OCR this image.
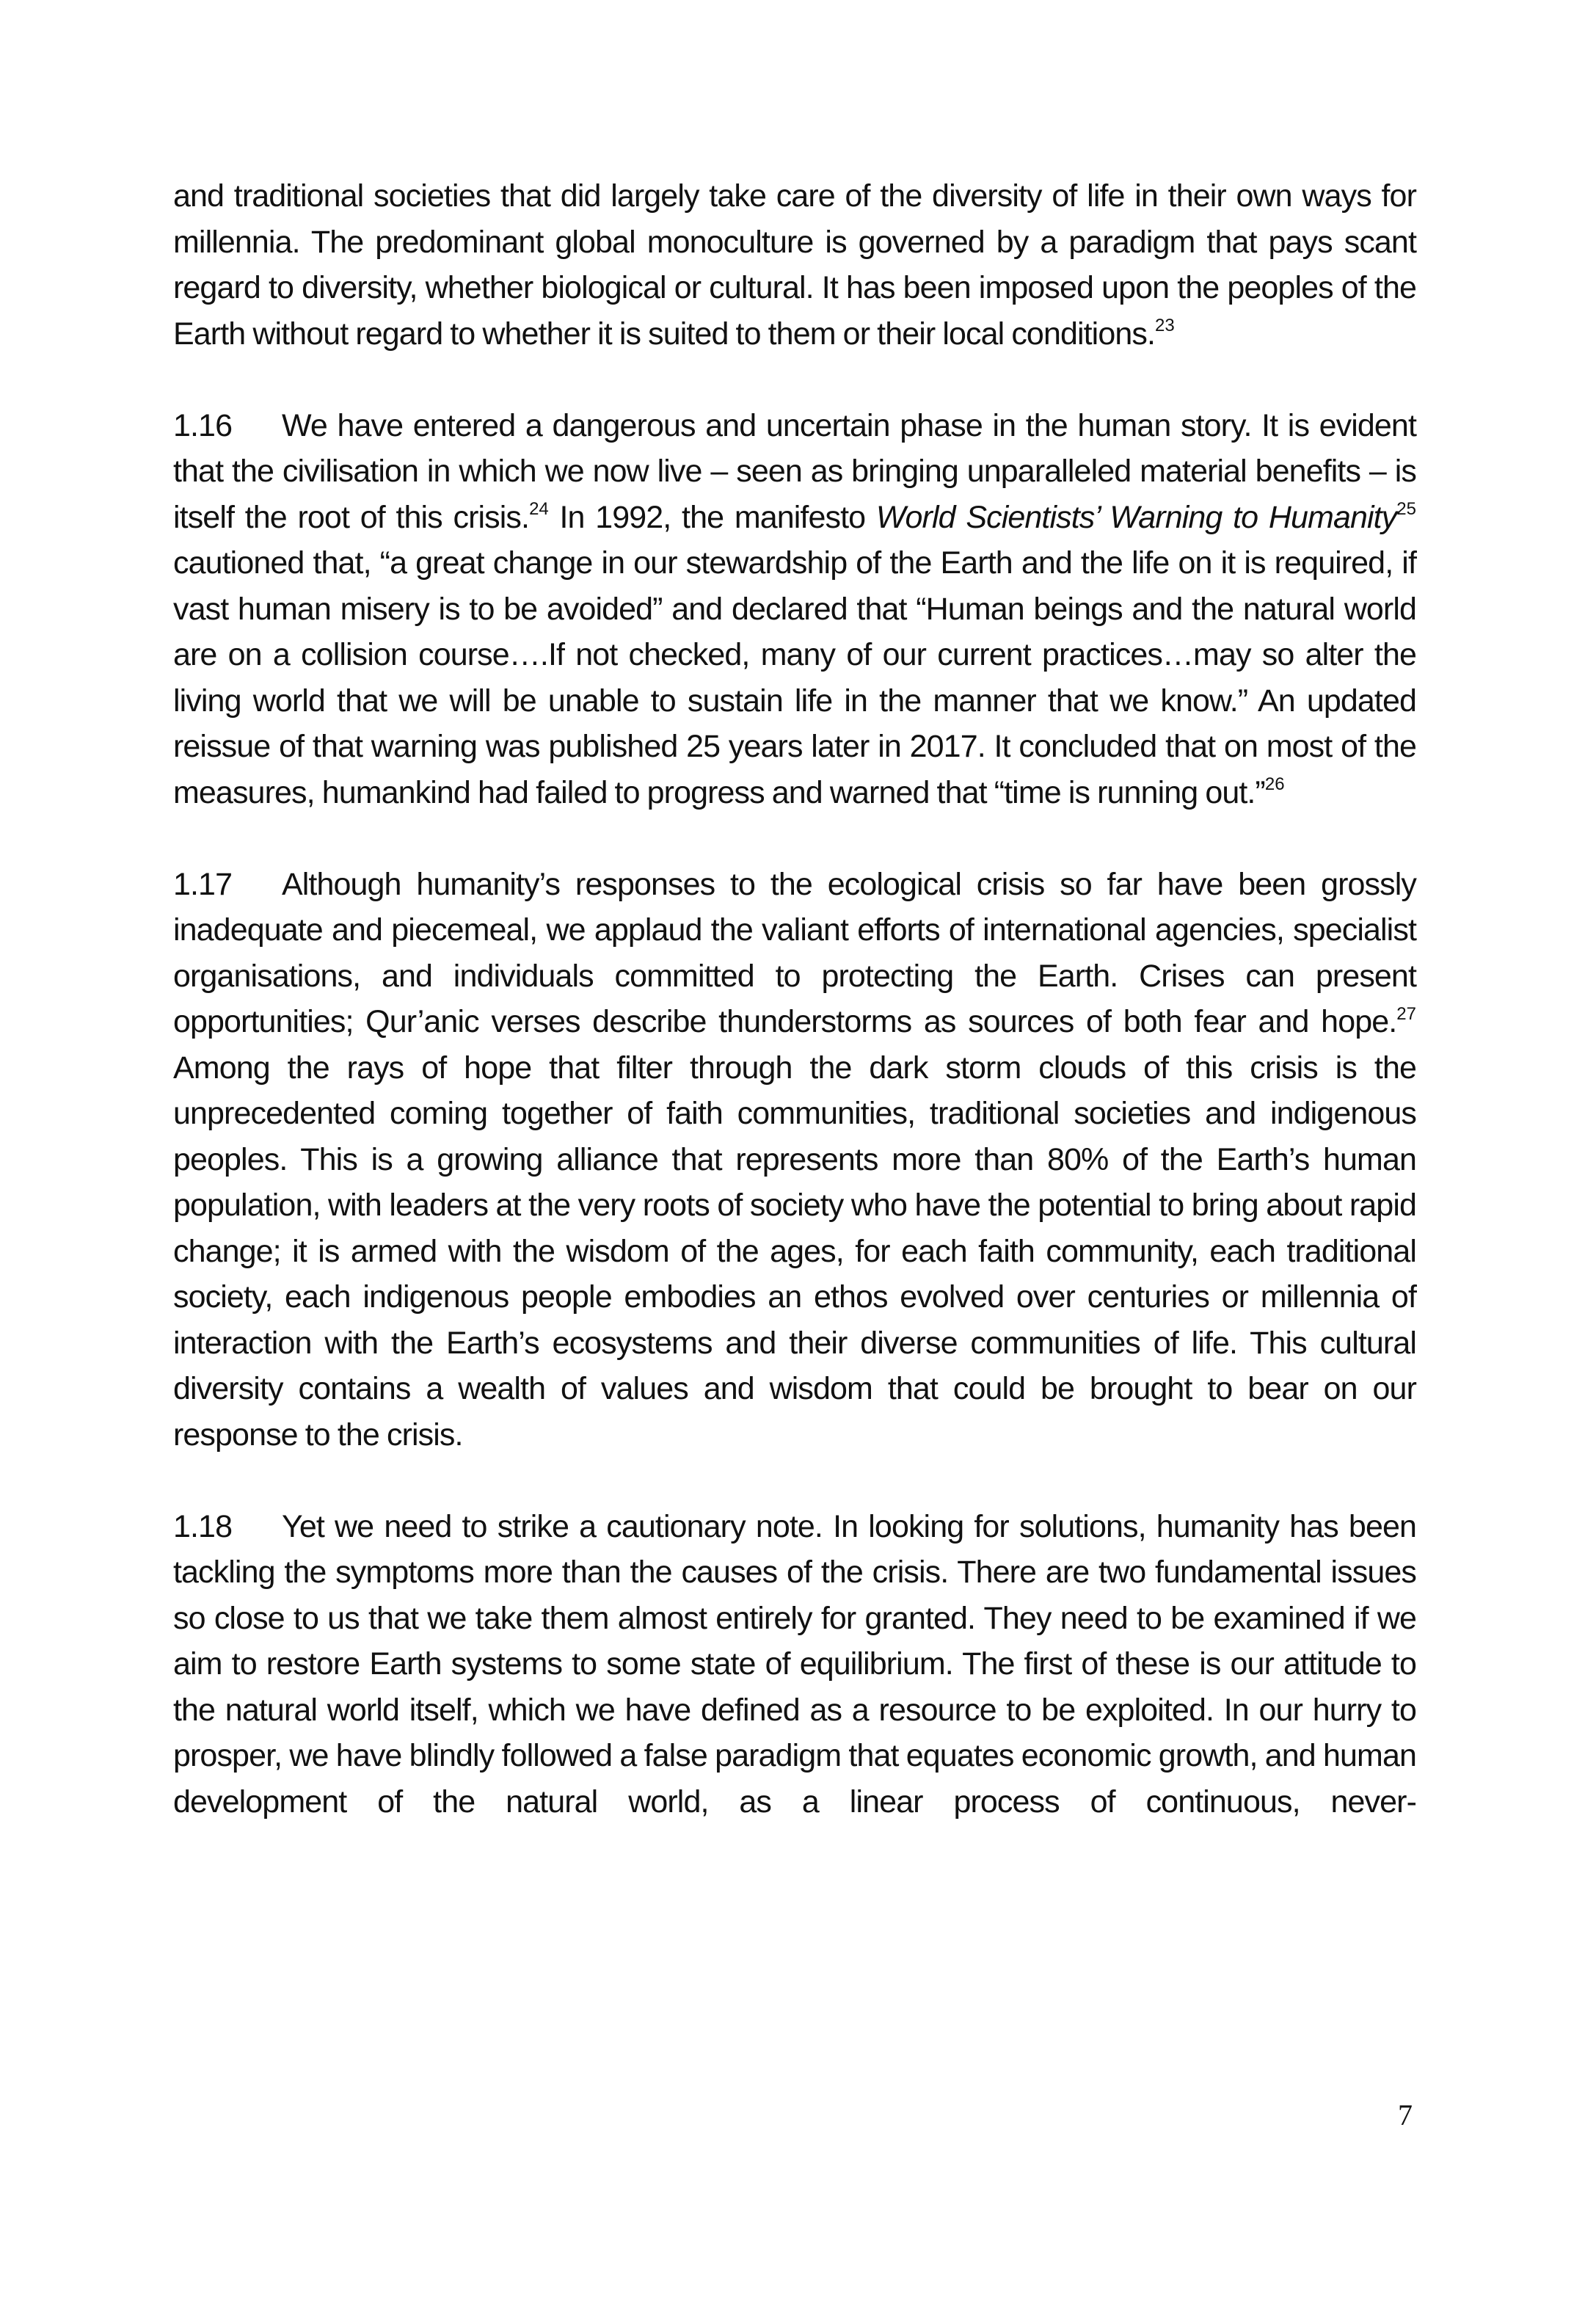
and traditional societies that did largely take care of the diversity of life in their own ways for millennia. The predominant global monoculture is governed by a paradigm that pays scant regard to diversity, whether biological or cultural. It has been imposed upon the peoples of the Earth without regard to whether it is suited to them or their local conditions.$^{23}$

1.16 We have entered a dangerous and uncertain phase in the human story. It is evident that the civilisation in which we now live – seen as bringing unparalleled material benefits – is itself the root of this crisis.$^{24}$ In 1992, the manifesto World Scientists’ Warning to Humanity$^{25}$ cautioned that, “a great change in our stewardship of the Earth and the life on it is required, if vast human misery is to be avoided” and declared that “Human beings and the natural world are on a collision course….If not checked, many of our current practices…may so alter the living world that we will be unable to sustain life in the manner that we know.” An updated reissue of that warning was published 25 years later in 2017. It concluded that on most of the measures, humankind had failed to progress and warned that “time is running out.”$^{26}$

1.17 Although humanity’s responses to the ecological crisis so far have been grossly inadequate and piecemeal, we applaud the valiant efforts of international agencies, specialist organisations, and individuals committed to protecting the Earth. Crises can present opportunities; Qur’anic verses describe thunderstorms as sources of both fear and hope.$^{27}$ Among the rays of hope that filter through the dark storm clouds of this crisis is the unprecedented coming together of faith communities, traditional societies and indigenous peoples. This is a growing alliance that represents more than 80% of the Earth’s human population, with leaders at the very roots of society who have the potential to bring about rapid change; it is armed with the wisdom of the ages, for each faith community, each traditional society, each indigenous people embodies an ethos evolved over centuries or millennia of interaction with the Earth’s ecosystems and their diverse communities of life. This cultural diversity contains a wealth of values and wisdom that could be brought to bear on our response to the crisis.

1.18 Yet we need to strike a cautionary note. In looking for solutions, humanity has been tackling the symptoms more than the causes of the crisis. There are two fundamental issues so close to us that we take them almost entirely for granted. They need to be examined if we aim to restore Earth systems to some state of equilibrium. The first of these is our attitude to the natural world itself, which we have defined as a resource to be exploited. In our hurry to prosper, we have blindly followed a false paradigm that equates economic growth, and human development of the natural world, as a linear process of continuous, never-

7
